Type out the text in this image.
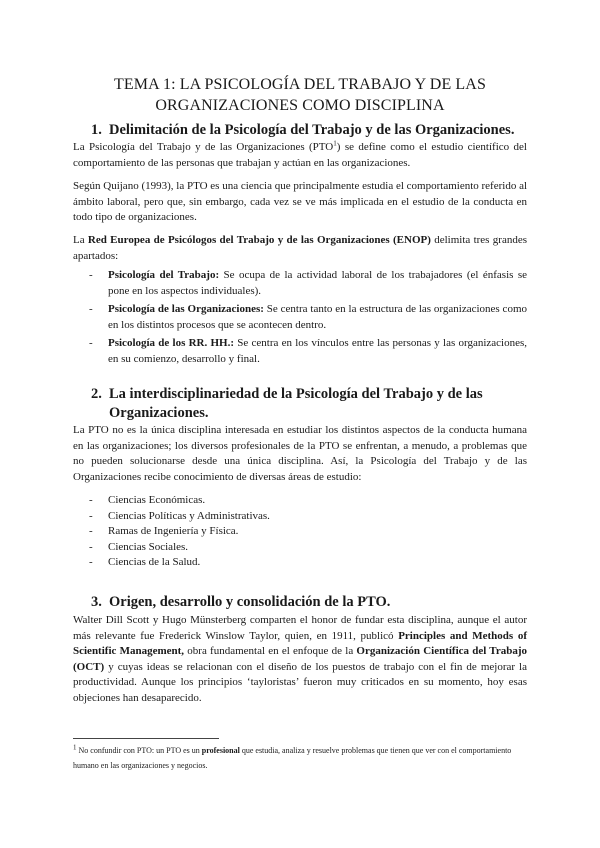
TEMA 1: LA PSICOLOGÍA DEL TRABAJO Y DE LAS
ORGANIZACIONES COMO DISCIPLINA
1. Delimitación de la Psicología del Trabajo y de las Organizaciones.

La Psicología del Trabajo y de las Organizaciones (PTO$^1$) se define como el estudio científico del comportamiento de las personas que trabajan y actúan en las organizaciones.

Según Quijano (1993), la PTO es una ciencia que principalmente estudia el comportamiento referido al ámbito laboral, pero que, sin embargo, cada vez se ve más implicada en el estudio de la conducta en todo tipo de organizaciones.

La Red Europea de Psicólogos del Trabajo y de las Organizaciones (ENOP) delimita tres grandes apartados:

- Psicología del Trabajo: Se ocupa de la actividad laboral de los trabajadores (el énfasis se pone en los aspectos individuales).
- Psicología de las Organizaciones: Se centra tanto en la estructura de las organizaciones como en los distintos procesos que se acontecen dentro.
- Psicología de los RR. HH.: Se centra en los vínculos entre las personas y las organizaciones, en su comienzo, desarrollo y final.
2. La interdisciplinariedad de la Psicología del Trabajo y de las
Organizaciones.

La PTO no es la única disciplina interesada en estudiar los distintos aspectos de la conducta humana en las organizaciones; los diversos profesionales de la PTO se enfrentan, a menudo, a problemas que no pueden solucionarse desde una única disciplina. Así, la Psicología del Trabajo y de las Organizaciones recibe conocimiento de diversas áreas de estudio:

- Ciencias Económicas.
- Ciencias Políticas y Administrativas.
- Ramas de Ingeniería y Física.
- Ciencias Sociales.
- Ciencias de la Salud.
3. Origen, desarrollo y consolidación de la PTO.

Walter Dill Scott y Hugo Münsterberg comparten el honor de fundar esta disciplina, aunque el autor más relevante fue Frederick Winslow Taylor, quien, en 1911, publicó Principles and Methods of Scientific Management, obra fundamental en el enfoque de la Organización Científica del Trabajo (OCT) y cuyas ideas se relacionan con el diseño de los puestos de trabajo con el fin de mejorar la productividad. Aunque los principios ‘tayloristas’ fueron muy criticados en su momento, hoy esas objeciones han desaparecido.

$^1$ No confundir con PTO: un PTO es un profesional que estudia, analiza y resuelve problemas que tienen que ver con el comportamiento humano en las organizaciones y negocios.
